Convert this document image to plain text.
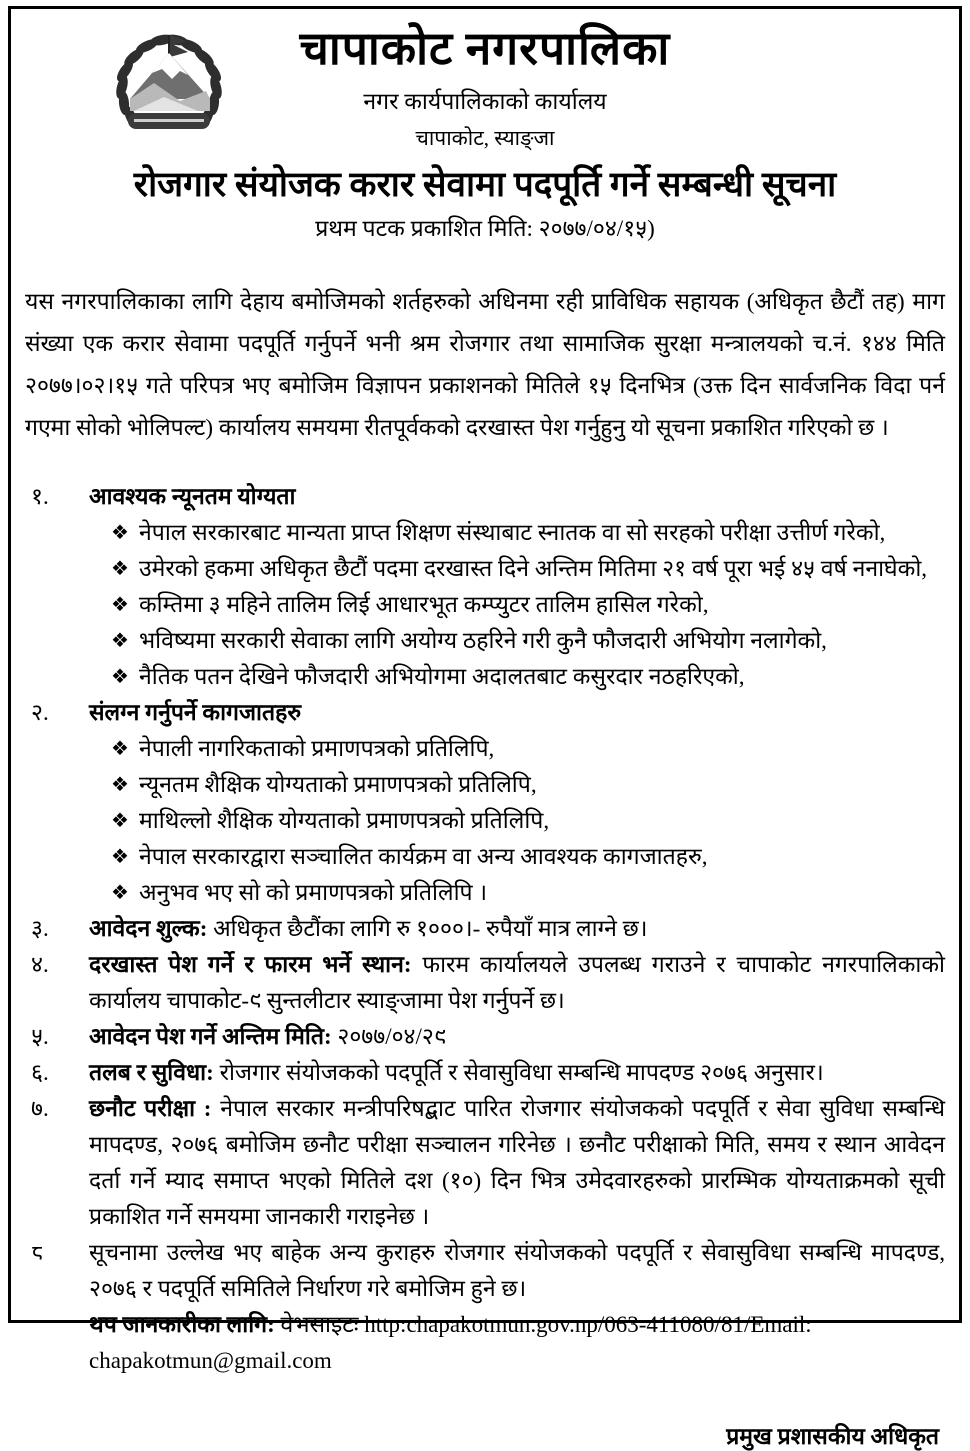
चापाकोट नगरपालिका
नगर कार्यपालिकाको कार्यालय
चापाकोट, स्याङ्जा
रोजगार संयोजक करार सेवामा पदपूर्ति गर्ने सम्बन्धी सूचना
प्रथम पटक प्रकाशित मिति: २०७७/०४/१५)
यस नगरपालिकाका लागि देहाय बमोजिमको शर्तहरुको अधिनमा रही प्राविधिक सहायक (अधिकृत छैटौं तह) माग संख्या एक करार सेवामा पदपूर्ति गर्नुपर्ने भनी श्रम रोजगार तथा सामाजिक सुरक्षा मन्त्रालयको च.नं. १४४ मिति २०७७।०२।१५ गते परिपत्र भए बमोजिम विज्ञापन प्रकाशनको मितिले १५ दिनभित्र (उक्त दिन सार्वजनिक विदा पर्न गएमा सोको भोलिपल्ट) कार्यालय समयमा रीतपूर्वकको दरखास्त पेश गर्नुहुनु यो सूचना प्रकाशित गरिएको छ ।
१.	आवश्यक न्यूनतम योग्यता
❖ नेपाल सरकारबाट मान्यता प्राप्त शिक्षण संस्थाबाट स्नातक वा सो सरहको परीक्षा उत्तीर्ण गरेको,
❖ उमेरको हकमा अधिकृत छैटौं पदमा दरखास्त दिने अन्तिम मितिमा २१ वर्ष पूरा भई ४५ वर्ष ननाघेको,
❖ कम्तिमा ३ महिने तालिम लिई आधारभूत कम्प्युटर तालिम हासिल गरेको,
❖ भविष्यमा सरकारी सेवाका लागि अयोग्य ठहरिने गरी कुनै फौजदारी अभियोग नलागेको,
❖ नैतिक पतन देखिने फौजदारी अभियोगमा अदालतबाट कसुरदार नठहरिएको,
२.	संलग्न गर्नुपर्ने कागजातहरु
❖ नेपाली नागरिकताको प्रमाणपत्रको प्रतिलिपि,
❖ न्यूनतम शैक्षिक योग्यताको प्रमाणपत्रको प्रतिलिपि,
❖ माथिल्लो शैक्षिक योग्यताको प्रमाणपत्रको प्रतिलिपि,
❖ नेपाल सरकारद्वारा सञ्चालित कार्यक्रम वा अन्य आवश्यक कागजातहरु,
❖ अनुभव भए सो को प्रमाणपत्रको प्रतिलिपि ।
३.	आवेदन शुल्क: अधिकृत छैटौंका लागि रु १०००।- रुपैयाँ मात्र लाग्ने छ।
४.	दरखास्त पेश गर्ने र फारम भर्ने स्थान: फारम कार्यालयले उपलब्ध गराउने र चापाकोट नगरपालिकाको कार्यालय चापाकोट-९ सुन्तलीटार स्याङ्जामा पेश गर्नुपर्ने छ।
५.	आवेदन पेश गर्ने अन्तिम मिति: २०७७/०४/२९
६.	तलब र सुविधा: रोजगार संयोजकको पदपूर्ति र सेवासुविधा सम्बन्धि मापदण्ड २०७६ अनुसार।
७.	छनौट परीक्षा : नेपाल सरकार मन्त्रीपरिषद्बाट पारित रोजगार संयोजकको पदपूर्ति र सेवा सुविधा सम्बन्धि मापदण्ड, २०७६ बमोजिम छनौट परीक्षा सञ्चालन गरिनेछ । छनौट परीक्षाको मिति, समय र स्थान आवेदन दर्ता गर्ने म्याद समाप्त भएको मितिले दश (१०) दिन भित्र उमेदवारहरुको प्रारम्भिक योग्यताक्रमको सूची प्रकाशित गर्ने समयमा जानकारी गराइनेछ ।
८	सूचनामा उल्लेख भए बाहेक अन्य कुराहरु रोजगार संयोजकको पदपूर्ति र सेवासुविधा सम्बन्धि मापदण्ड, २०७६ र पदपूर्ति समितिले निर्धारण गरे बमोजिम हुने छ।
थप जानकारीका लागि: वेभसाइटः http:chapakotmun.gov.np/063-411080/81/Email: chapakotmun@gmail.com
प्रमुख प्रशासकीय अधिकृत
